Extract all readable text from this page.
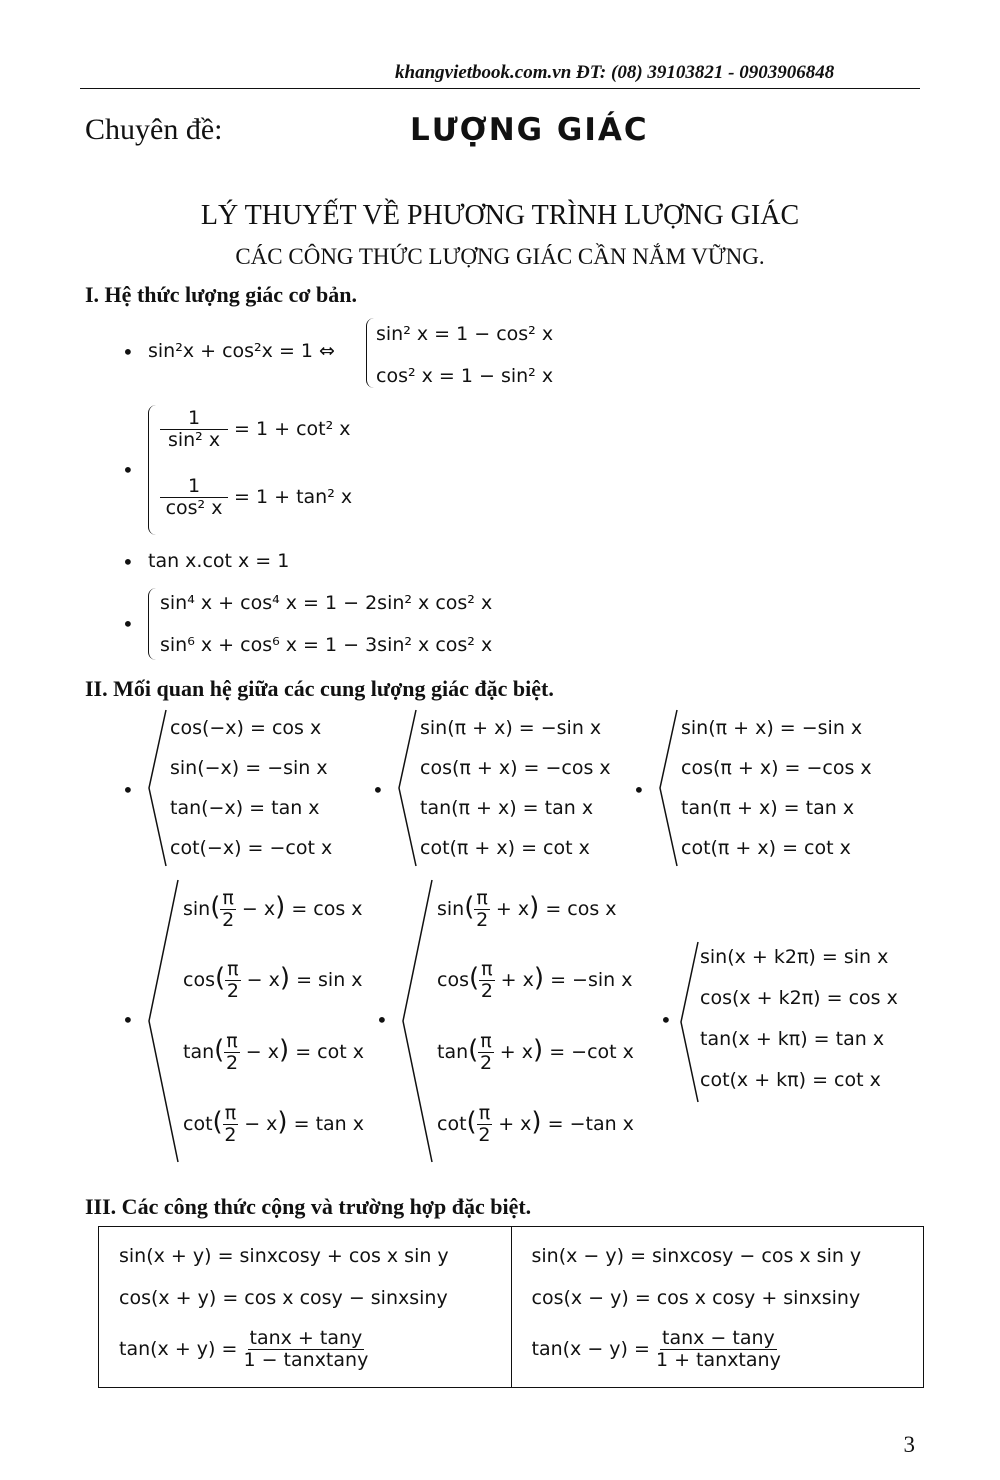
khangvietbook.com.vn ĐT: (08) 39103821 - 0903906848
Chuyên đề:	LƯỢNG GIÁC
LÝ THUYẾT VỀ PHƯƠNG TRÌNH LƯỢNG GIÁC
CÁC CÔNG THỨC LƯỢNG GIÁC CẦN NẮM VỮNG.
I. Hệ thức lượng giác cơ bản.
• sin²x + cos²x = 1 ⇔
sin² x = 1 − cos² x
cos² x = 1 − sin² x
•
$\frac{1}{\text{sin² x}} = 1 + \cot^2$ x
$\frac{1}{\text{cos² x}} = 1 + \tan^2$ x
• tan x.cot x = 1
•
sin⁴ x + cos⁴ x = 1 − 2sin² x cos² x
sin⁶ x + cos⁶ x = 1 − 3sin² x cos² x
II. Mối quan hệ giữa các cung lượng giác đặc biệt.
•
cos(−x) = cos x
sin(−x) = −sin x
tan(−x) = tan x
cot(−x) = −cot x
•
sin(π + x) = −sin x
cos(π + x) = −cos x
tan(π + x) = tan x
cot(π + x) = cot x
•
sin(π + x) = −sin x
cos(π + x) = −cos x
tan(π + x) = tan x
cot(π + x) = cot x
•
$\sin( \frac{\pi}{2} - x) = \cos x$
$\cos( \frac{\pi}{2} - x) = \sin x$
$\tan( \frac{\pi}{2} - x) = \cot x$
$\cot( \frac{\pi}{2} - x) = \tan x$
•
$\sin( \frac{\pi}{2} + x) = \cos x$
$\cos( \frac{\pi}{2} + x) = -\sin$ x
$\tan( \frac{\pi}{2} + x) = -\cot$ x
$\cot( \frac{\pi}{2} + x) = -\tan$ x
•
sin(x + k2π) = sin x
cos(x + k2π) = cos x
tan(x + kπ) = tan x
cot(x + kπ) = cot x
III. Các công thức cộng và trường hợp đặc biệt.
sin(x + y) = sinxcosy + cos x sin y
cos(x + y) = cos x cosy − sinxsiny
tan(x + y) =
$\frac{\tan x + \tan y}{\text{1 − tanxtany}}$

sin(x − y) = sinxcosy − cos x sin y
cos(x − y) = cos x cosy + sinxsiny
tan(x − y) =
$\frac{\tan x - \tan y}{\text{1 + tanxtany}}$
3
